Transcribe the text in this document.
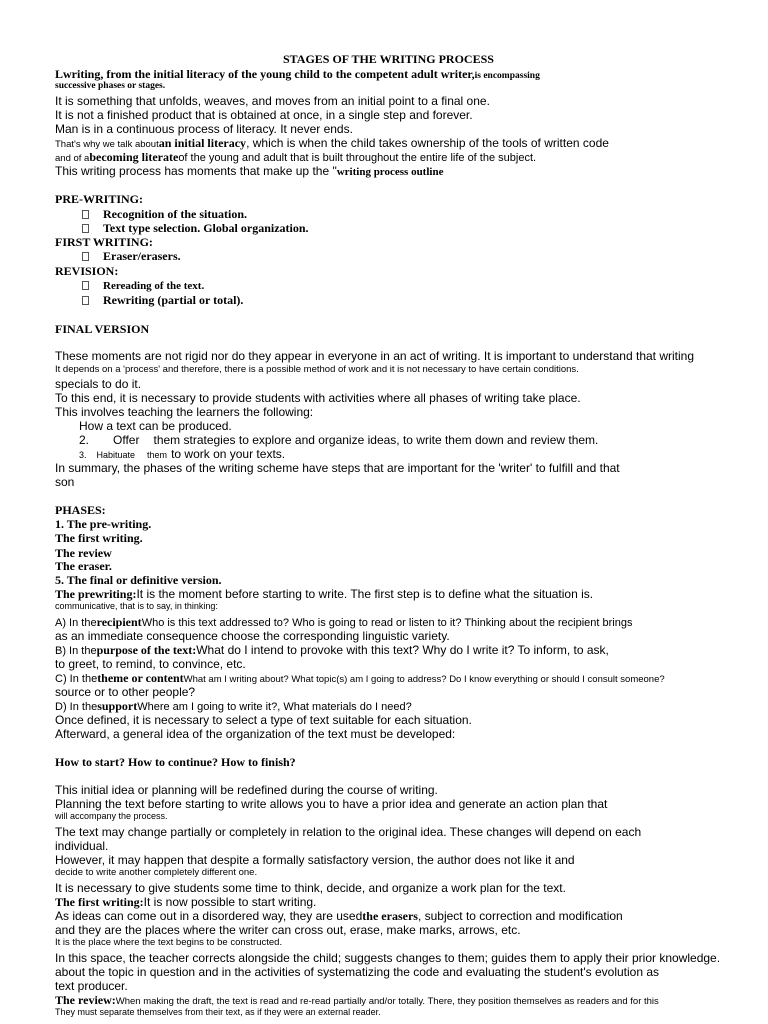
STAGES OF THE WRITING PROCESS
Lwriting, from the initial literacy of the young child to the competent adult writer,is encompassing
successive phases or stages.
It is something that unfolds, weaves, and moves from an initial point to a final one.
It is not a finished product that is obtained at once, in a single step and forever.
Man is in a continuous process of literacy. It never ends.
That's why we talk aboutan initial literacy, which is when the child takes ownership of the tools of written code
and of abecoming literateof the young and adult that is built throughout the entire life of the subject.
This writing process has moments that make up the "writing process outline
PRE-WRITING:
Recognition of the situation.
Text type selection. Global organization.
FIRST WRITING:
Eraser/erasers.
REVISION:
Rereading of the text.
Rewriting (partial or total).
FINAL VERSION
These moments are not rigid nor do they appear in everyone in an act of writing. It is important to understand that writing
It depends on a 'process' and therefore, there is a possible method of work and it is not necessary to have certain conditions.
specials to do it.
To this end, it is necessary to provide students with activities where all phases of writing take place.
This involves teaching the learners the following:
How a text can be produced.
2. Offer them strategies to explore and organize ideas, to write them down and review them.
3. Habituate them to work on your texts.
In summary, the phases of the writing scheme have steps that are important for the 'writer' to fulfill and that
son
PHASES:
1. The pre-writing.
The first writing.
The review
The eraser.
5. The final or definitive version.
The prewriting:It is the moment before starting to write. The first step is to define what the situation is.
communicative, that is to say, in thinking:
A) In therecipientWho is this text addressed to? Who is going to read or listen to it? Thinking about the recipient brings
as an immediate consequence choose the corresponding linguistic variety.
B) In thepurpose of the text:What do I intend to provoke with this text? Why do I write it? To inform, to ask,
to greet, to remind, to convince, etc.
C) In thetheme or contentWhat am I writing about? What topic(s) am I going to address? Do I know everything or should I consult someone?
source or to other people?
D) In thesupportWhere am I going to write it?, What materials do I need?
Once defined, it is necessary to select a type of text suitable for each situation.
Afterward, a general idea of the organization of the text must be developed:
How to start? How to continue? How to finish?
This initial idea or planning will be redefined during the course of writing.
Planning the text before starting to write allows you to have a prior idea and generate an action plan that
will accompany the process.
The text may change partially or completely in relation to the original idea. These changes will depend on each
individual.
However, it may happen that despite a formally satisfactory version, the author does not like it and
decide to write another completely different one.
It is necessary to give students some time to think, decide, and organize a work plan for the text.
The first writing:It is now possible to start writing.
As ideas can come out in a disordered way, they are usedthe erasers, subject to correction and modification
and they are the places where the writer can cross out, erase, make marks, arrows, etc.
It is the place where the text begins to be constructed.
In this space, the teacher corrects alongside the child; suggests changes to them; guides them to apply their prior knowledge.
about the topic in question and in the activities of systematizing the code and evaluating the student's evolution as
text producer.
The review:When making the draft, the text is read and re-read partially and/or totally. There, they position themselves as readers and for this
They must separate themselves from their text, as if they were an external reader.
